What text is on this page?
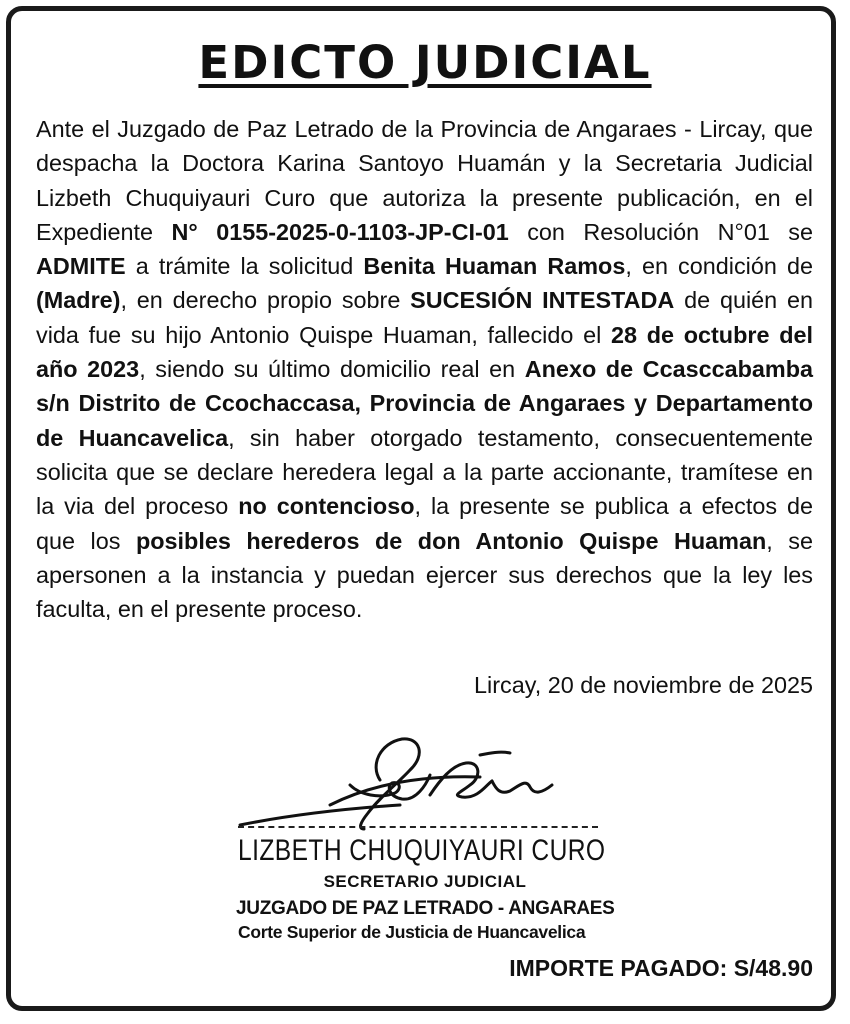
EDICTO JUDICIAL
Ante el Juzgado de Paz Letrado de la Provincia de Angaraes - Lircay, que despacha la Doctora Karina Santoyo Huamán y la Secretaria Judicial Lizbeth Chuquiyauri Curo que autoriza la presente publicación, en el Expediente N° 0155-2025-0-1103-JP-CI-01 con Resolución N°01 se ADMITE a trámite la solicitud Benita Huaman Ramos, en condición de (Madre), en derecho propio sobre SUCESIÓN INTESTADA de quién en vida fue su hijo Antonio Quispe Huaman, fallecido el 28 de octubre del año 2023, siendo su último domicilio real en Anexo de Ccasccabamba s/n Distrito de Ccochaccasa, Provincia de Angaraes y Departamento de Huancavelica, sin haber otorgado testamento, consecuentemente solicita que se declare heredera legal a la parte accionante, tramítese en la via del proceso no contencioso, la presente se publica a efectos de que los posibles herederos de don Antonio Quispe Huaman, se apersonen a la instancia y puedan ejercer sus derechos que la ley les faculta, en el presente proceso.
Lircay, 20 de noviembre de 2025
LIZBETH CHUQUIYAURI CURO
SECRETARIO JUDICIAL
JUZGADO DE PAZ LETRADO - ANGARAES
Corte Superior de Justicia de Huancavelica
IMPORTE PAGADO: S/48.90
